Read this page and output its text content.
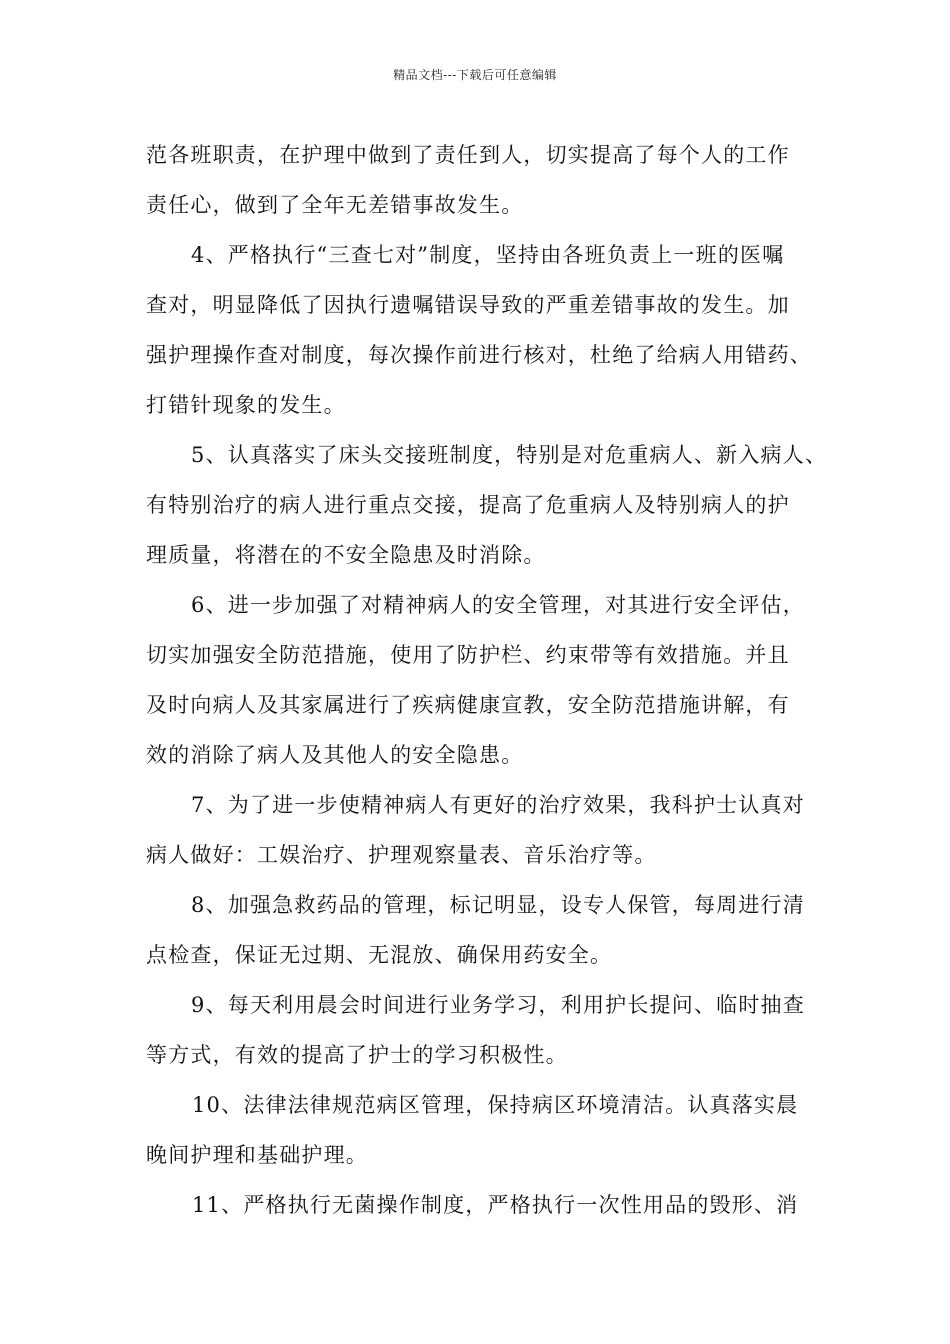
精品文档---下载后可任意编辑
范各班职责，在护理中做到了责任到人，切实提高了每个人的工作
责任心，做到了全年无差错事故发生。
4、严格执行“三查七对”制度，坚持由各班负责上一班的医嘱
查对，明显降低了因执行遗嘱错误导致的严重差错事故的发生。加
强护理操作查对制度，每次操作前进行核对，杜绝了给病人用错药、
打错针现象的发生。
5、认真落实了床头交接班制度，特别是对危重病人、新入病人、
有特别治疗的病人进行重点交接，提高了危重病人及特别病人的护
理质量，将潜在的不安全隐患及时消除。
6、进一步加强了对精神病人的安全管理，对其进行安全评估，
切实加强安全防范措施，使用了防护栏、约束带等有效措施。并且
及时向病人及其家属进行了疾病健康宣教，安全防范措施讲解，有
效的消除了病人及其他人的安全隐患。
7、为了进一步使精神病人有更好的治疗效果，我科护士认真对
病人做好：工娱治疗、护理观察量表、音乐治疗等。
8、加强急救药品的管理，标记明显，设专人保管，每周进行清
点检查，保证无过期、无混放、确保用药安全。
9、每天利用晨会时间进行业务学习，利用护长提问、临时抽查
等方式，有效的提高了护士的学习积极性。
10、法律法律规范病区管理，保持病区环境清洁。认真落实晨
晚间护理和基础护理。
11、严格执行无菌操作制度，严格执行一次性用品的毁形、消
